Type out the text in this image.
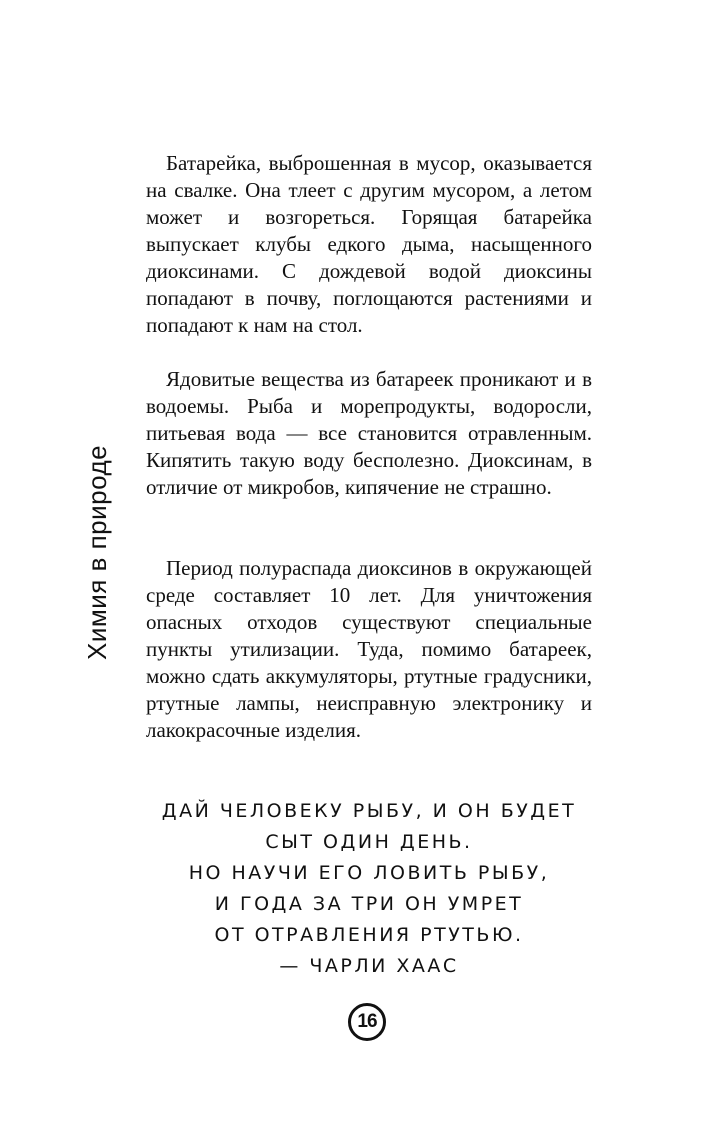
Химия в природе

Батарейка, выброшенная в мусор, оказывается на свалке. Она тлеет с другим мусором, а летом может и возгореться. Горящая батарейка выпускает клубы едкого дыма, насыщенного диоксинами. С дождевой водой диоксины попадают в почву, поглощаются растениями и попадают к нам на стол.

Ядовитые вещества из батареек проникают и в водоемы. Рыба и морепродукты, водоросли, питьевая вода — все становится отравленным. Кипятить такую воду бесполезно. Диоксинам, в отличие от микробов, кипячение не страшно.

Период полураспада диоксинов в окружающей среде составляет 10 лет. Для уничтожения опасных отходов существуют специальные пункты утилизации. Туда, помимо батареек, можно сдать аккумуляторы, ртутные градусники, ртутные лампы, неисправную электронику и лакокрасочные изделия.

ДАЙ ЧЕЛОВЕКУ РЫБУ, И ОН БУДЕТ
СЫТ ОДИН ДЕНЬ.
НО НАУЧИ ЕГО ЛОВИТЬ РЫБУ,
И ГОДА ЗА ТРИ ОН УМРЕТ
ОТ ОТРАВЛЕНИЯ РТУТЬЮ.
— ЧАРЛИ ХААС
16
